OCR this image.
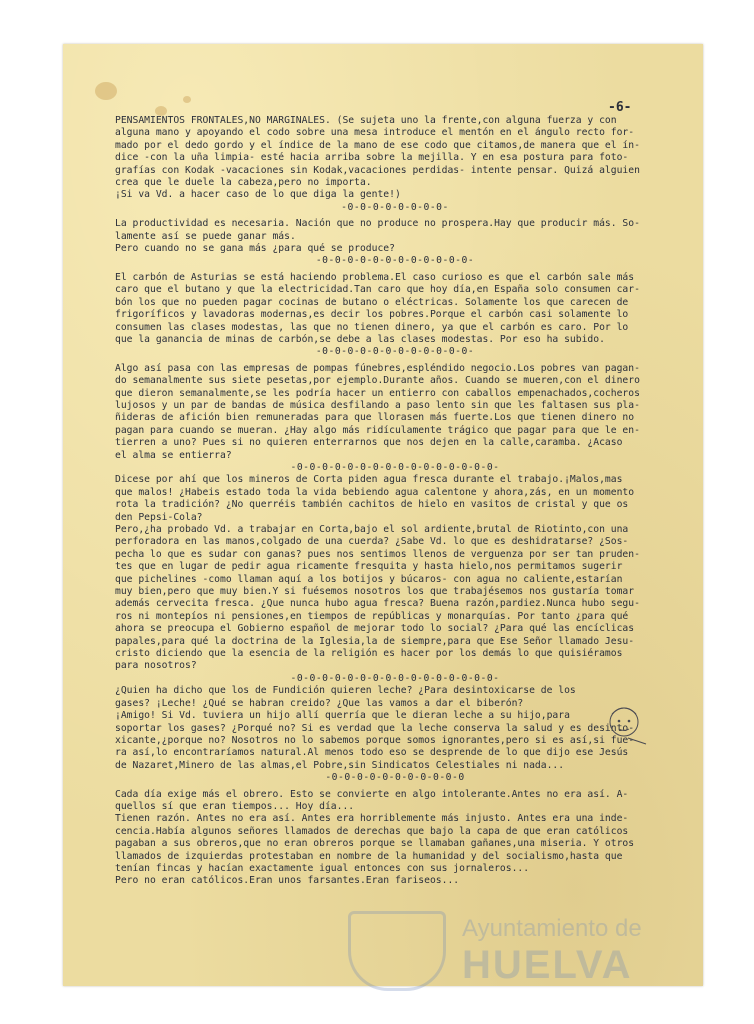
-6-
PENSAMIENTOS FRONTALES,NO MARGINALES. (Se sujeta uno la frente,con alguna fuerza y con
alguna mano y apoyando el codo sobre una mesa introduce el mentón en el ángulo recto for-
mado por el dedo gordo y el índice de la mano de ese codo que citamos,de manera que el ín-
dice -con la uña limpia- esté hacia arriba sobre la mejilla. Y en esa postura para foto-
grafías con Kodak -vacaciones sin Kodak,vacaciones perdidas- intente pensar. Quizá alguien
crea que le duele la cabeza,pero no importa.
¡Si va Vd. a hacer caso de lo que diga la gente!)
-0-0-0-0-0-0-0-0-
La productividad es necesaria. Nación que no produce no prospera.Hay que producir más. So-
lamente así se puede ganar más.
Pero cuando no se gana más ¿para qué se produce?
-0-0-0-0-0-0-0-0-0-0-0-0-
El carbón de Asturias se está haciendo problema.El caso curioso es que el carbón sale más
caro que el butano y que la electricidad.Tan caro que hoy día,en España solo consumen car-
bón los que no pueden pagar cocinas de butano o eléctricas. Solamente los que carecen de
frigoríficos y lavadoras modernas,es decir los pobres.Porque el carbón casi solamente lo
consumen las clases modestas, las que no tienen dinero, ya que el carbón es caro. Por lo
que la ganancia de minas de carbón,se debe a las clases modestas. Por eso ha subido.
-0-0-0-0-0-0-0-0-0-0-0-0-
Algo así pasa con las empresas de pompas fúnebres,espléndido negocio.Los pobres van pagan-
do semanalmente sus siete pesetas,por ejemplo.Durante años. Cuando se mueren,con el dinero
que dieron semanalmente,se les podría hacer un entierro con caballos empenachados,cocheros
lujosos y un par de bandas de música desfilando a paso lento sin que les faltasen sus pla-
ñideras de afición bien remuneradas para que llorasen más fuerte.Los que tienen dinero no
pagan para cuando se mueran. ¿Hay algo más ridículamente trágico que pagar para que le en-
tierren a uno? Pues si no quieren enterrarnos que nos dejen en la calle,caramba. ¿Acaso
el alma se entierra?
-0-0-0-0-0-0-0-0-0-0-0-0-0-0-0-0-
Dicese por ahí que los mineros de Corta piden agua fresca durante el trabajo.¡Malos,mas
que malos! ¿Habeis estado toda la vida bebiendo agua calentone y ahora,zás, en un momento
rota la tradición? ¿No querréis también cachitos de hielo en vasitos de cristal y que os
den Pepsi-Cola?
Pero,¿ha probado Vd. a trabajar en Corta,bajo el sol ardiente,brutal de Riotinto,con una
perforadora en las manos,colgado de una cuerda? ¿Sabe Vd. lo que es deshidratarse? ¿Sos-
pecha lo que es sudar con ganas? pues nos sentimos llenos de verguenza por ser tan pruden-
tes que en lugar de pedir agua ricamente fresquita y hasta hielo,nos permitamos sugerir
que pichelines -como llaman aquí a los botijos y búcaros- con agua no caliente,estarían
muy bien,pero que muy bien.Y si fuésemos nosotros los que trabajésemos nos gustaría tomar
además cervecita fresca. ¿Que nunca hubo agua fresca? Buena razón,pardiez.Nunca hubo segu-
ros ni montepíos ni pensiones,en tiempos de repúblicas y monarquías. Por tanto ¿para qué
ahora se preocupa el Gobierno español de mejorar todo lo social? ¿Para qué las encíclicas
papales,para qué la doctrina de la Iglesia,la de siempre,para que Ese Señor llamado Jesu-
cristo diciendo que la esencia de la religión es hacer por los demás lo que quisiéramos
para nosotros?
-0-0-0-0-0-0-0-0-0-0-0-0-0-0-0-0-
¿Quien ha dicho que los de Fundición quieren leche? ¿Para desintoxicarse de los
gases? ¡Leche! ¿Qué se habran creido? ¿Que las vamos a dar el biberón?
¡Amigo! Si Vd. tuviera un hijo allí querría que le dieran leche a su hijo,para
soportar los gases? ¿Porqué no? Si es verdad que la leche conserva la salud y es desinto-
xicante,¿porque no? Nosotros no lo sabemos porque somos ignorantes,pero si es así,si fue-
ra así,lo encontraríamos natural.Al menos todo eso se desprende de lo que dijo ese Jesús
de Nazaret,Minero de las almas,el Pobre,sin Sindicatos Celestiales ni nada...
-0-0-0-0-0-0-0-0-0-0-0
Cada día exige más el obrero. Esto se convierte en algo intolerante.Antes no era así. A-
quellos sí que eran tiempos... Hoy día...
Tienen razón. Antes no era así. Antes era horriblemente más injusto. Antes era una inde-
cencia.Había algunos señores llamados de derechas que bajo la capa de que eran católicos
pagaban a sus obreros,que no eran obreros porque se llamaban gañanes,una miseria. Y otros
llamados de izquierdas protestaban en nombre de la humanidad y del socialismo,hasta que
tenían fincas y hacían exactamente igual entonces con sus jornaleros...
Pero no eran católicos.Eran unos farsantes.Eran fariseos...
Ayuntamiento de
HUELVA
